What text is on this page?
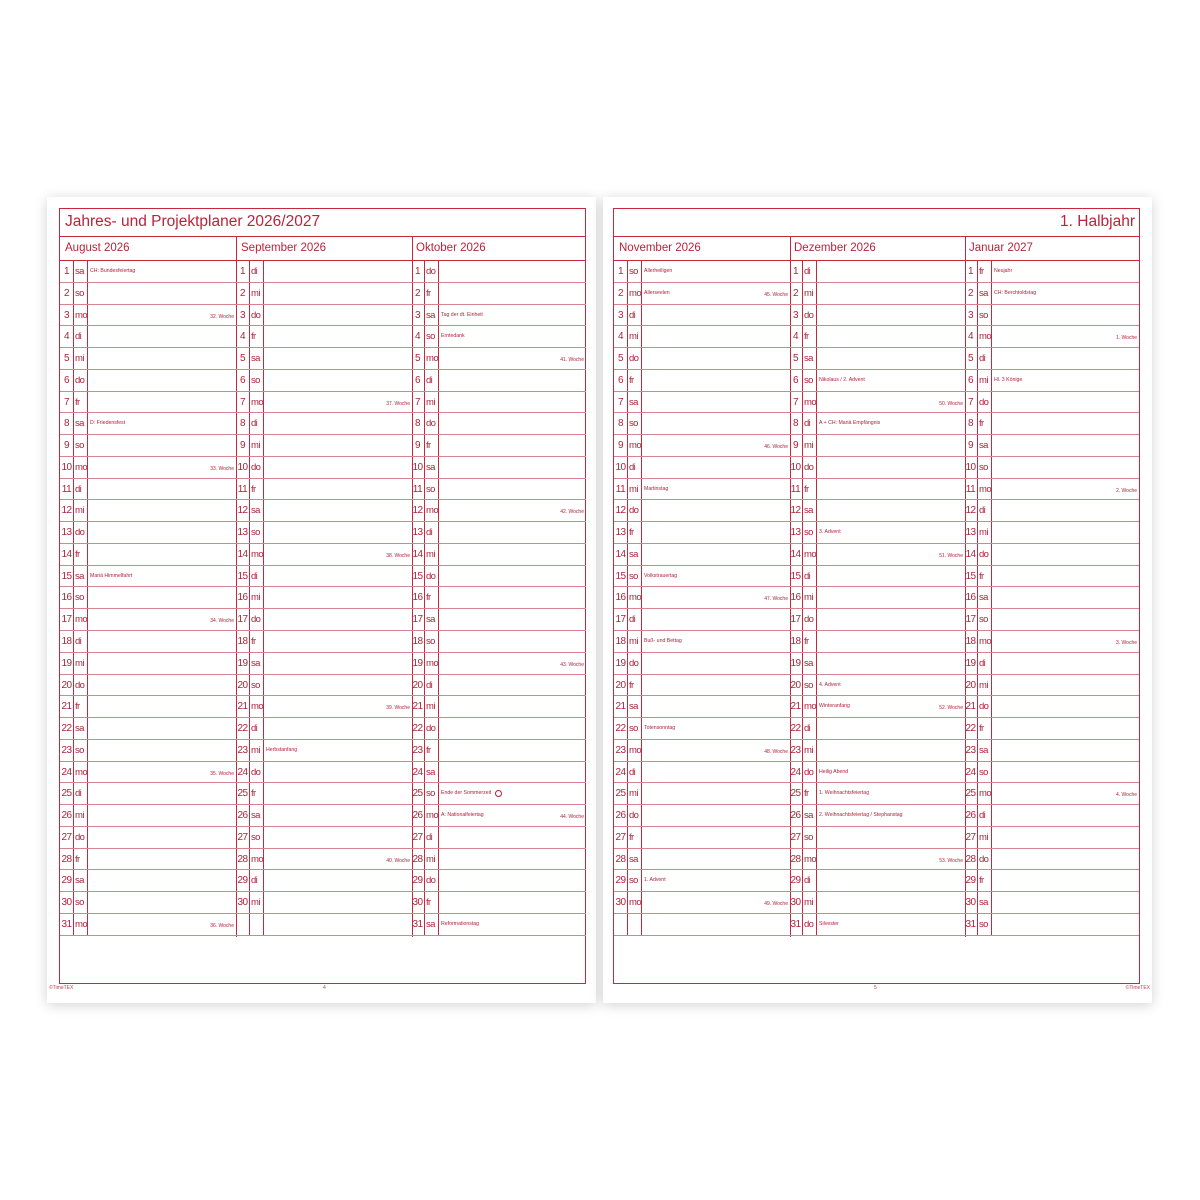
Jahres- und Projektplaner 2026/2027
August 2026
1 sa	CH: Bundesfeiertag
2 so
3 mo	32. Woche
4 di
5 mi
6 do
7 fr
8 sa	D: Friedensfest
9 so
10 mo	33. Woche
11 di
12 mi
13 do
14 fr
15 sa	Mariä Himmelfahrt
16 so
17 mo	34. Woche
18 di
19 mi
20 do
21 fr
22 sa
23 so
24 mo	35. Woche
25 di
26 mi
27 do
28 fr
29 sa
30 so
31 mo	36. Woche
September 2026
1 di
2 mi
3 do
4 fr
5 sa
6 so
7 mo	37. Woche
8 di
9 mi
10 do
11 fr
12 sa
13 so
14 mo	38. Woche
15 di
16 mi
17 do
18 fr
19 sa
20 so
21 mo	39. Woche
22 di
23 mi	Herbstanfang
24 do
25 fr
26 sa
27 so
28 mo	40. Woche
29 di
30 mi
Oktober 2026
1 do
2 fr
3 sa	Tag der dt. Einheit
4 so	Erntedank
5 mo	41. Woche
6 di
7 mi
8 do
9 fr
10 sa
11 so
12 mo	42. Woche
13 di
14 mi
15 do
16 fr
17 sa
18 so
19 mo	43. Woche
20 di
21 mi
22 do
23 fr
24 sa
25 so	Ende der Sommerzeit
26 mo A: Nationalfeiertag	44. Woche
27 di
28 mi
29 do
30 fr
31 sa	Reformationstag
©TimeTEX	4
1. Halbjahr
November 2026
1 so	Allerheiligen
2 mo Allerseelen	45. Woche
3 di
4 mi
5 do
6 fr
7 sa
8 so
9 mo	46. Woche
10 di
11 mi	Martinstag
12 do
13 fr
14 sa
15 so	Volkstrauertag
16 mo	47. Woche
17 di
18 mi	Buß- und Bettag
19 do
20 fr
21 sa
22 so	Totensonntag
23 mo	48. Woche
24 di
25 mi
26 do
27 fr
28 sa
29 so	1. Advent
30 mo	49. Woche
Dezember 2026
1 di
2 mi
3 do
4 fr
5 sa
6 so	Nikolaus / 2. Advent
7 mo	50. Woche
8 di	A + CH: Mariä Empfängnis
9 mi
10 do
11 fr
12 sa
13 so	3. Advent
14 mo	51. Woche
15 di
16 mi
17 do
18 fr
19 sa
20 so	4. Advent
21 mo Winteranfang	52. Woche
22 di
23 mi
24 do	Heilig Abend
25 fr	1. Weihnachtsfeiertag
26 sa	2. Weihnachtsfeiertag / Stephanstag
27 so
28 mo	53. Woche
29 di
30 mi
31 do	Silvester
Januar 2027
1 fr	Neujahr
2 sa	CH: Berchtoldstag
3 so
4 mo	1. Woche
5 di
6 mi	Hl. 3 Könige
7 do
8 fr
9 sa
10 so
11 mo	2. Woche
12 di
13 mi
14 do
15 fr
16 sa
17 so
18 mo	3. Woche
19 di
20 mi
21 do
22 fr
23 sa
24 so
25 mo	4. Woche
26 di
27 mi
28 do
29 fr
30 sa
31 so
5	©TimeTEX
